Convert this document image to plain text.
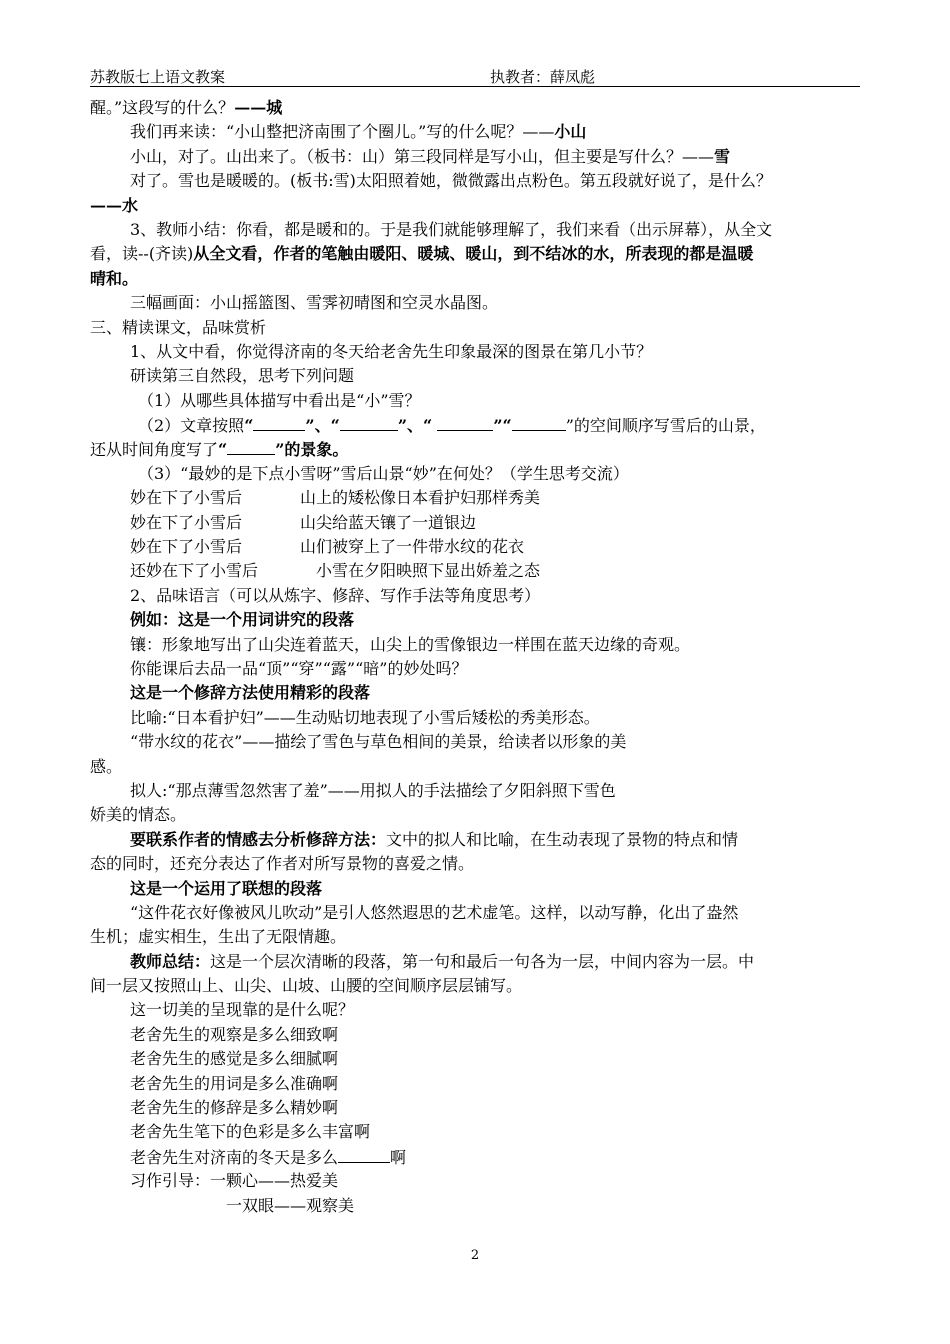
苏教版七上语文教案	执教者：薛凤彪
醒。”这段写的什么？——城
我们再来读：“小山整把济南围了个圈儿。”写的什么呢？——小山
小山，对了。山出来了。（板书：山）第三段同样是写小山，但主要是写什么？——雪
对了。雪也是暖暖的。(板书:雪)太阳照着她，微微露出点粉色。第五段就好说了，是什么？
——水
3、教师小结：你看，都是暖和的。于是我们就能够理解了，我们来看（出示屏幕），从全文
看，读--(齐读)从全文看，作者的笔触由暖阳、暖城、暖山，到不结冰的水，所表现的都是温暖
晴和。
三幅画面：小山摇篮图、雪霁初晴图和空灵水晶图。
三、精读课文，品味赏析
1、从文中看，你觉得济南的冬天给老舍先生印象最深的图景在第几小节？
研读第三自然段，思考下列问题
（1）从哪些具体描写中看出是“小”雪？
（2）文章按照“	”、“	”、“	”“	”的空间顺序写雪后的山景，
还从时间角度写了“	”的景象。
（3）“最妙的是下点小雪呀”雪后山景“妙”在何处？（学生思考交流）
妙在下了小雪后	山上的矮松像日本看护妇那样秀美
妙在下了小雪后	山尖给蓝天镶了一道银边
妙在下了小雪后	山们被穿上了一件带水纹的花衣
还妙在下了小雪后	小雪在夕阳映照下显出娇羞之态
2、品味语言（可以从炼字、修辞、写作手法等角度思考）
例如：这是一个用词讲究的段落
镶：形象地写出了山尖连着蓝天，山尖上的雪像银边一样围在蓝天边缘的奇观。
你能课后去品一品“顶”“穿”“露”“暗”的妙处吗？
这是一个修辞方法使用精彩的段落
比喻:“日本看护妇”——生动贴切地表现了小雪后矮松的秀美形态。
“带水纹的花衣”——描绘了雪色与草色相间的美景，给读者以形象的美
感。
拟人:“那点薄雪忽然害了羞”——用拟人的手法描绘了夕阳斜照下雪色
娇美的情态。
要联系作者的情感去分析修辞方法：文中的拟人和比喻，在生动表现了景物的特点和情
态的同时，还充分表达了作者对所写景物的喜爱之情。
这是一个运用了联想的段落
“这件花衣好像被风儿吹动”是引人悠然遐思的艺术虚笔。这样，以动写静，化出了盎然
生机；虚实相生，生出了无限情趣。
教师总结：这是一个层次清晰的段落，第一句和最后一句各为一层，中间内容为一层。中
间一层又按照山上、山尖、山坡、山腰的空间顺序层层铺写。
这一切美的呈现靠的是什么呢？
老舍先生的观察是多么细致啊
老舍先生的感觉是多么细腻啊
老舍先生的用词是多么准确啊
老舍先生的修辞是多么精妙啊
老舍先生笔下的色彩是多么丰富啊
老舍先生对济南的冬天是多么	啊
习作引导：一颗心——热爱美
一双眼——观察美
2
